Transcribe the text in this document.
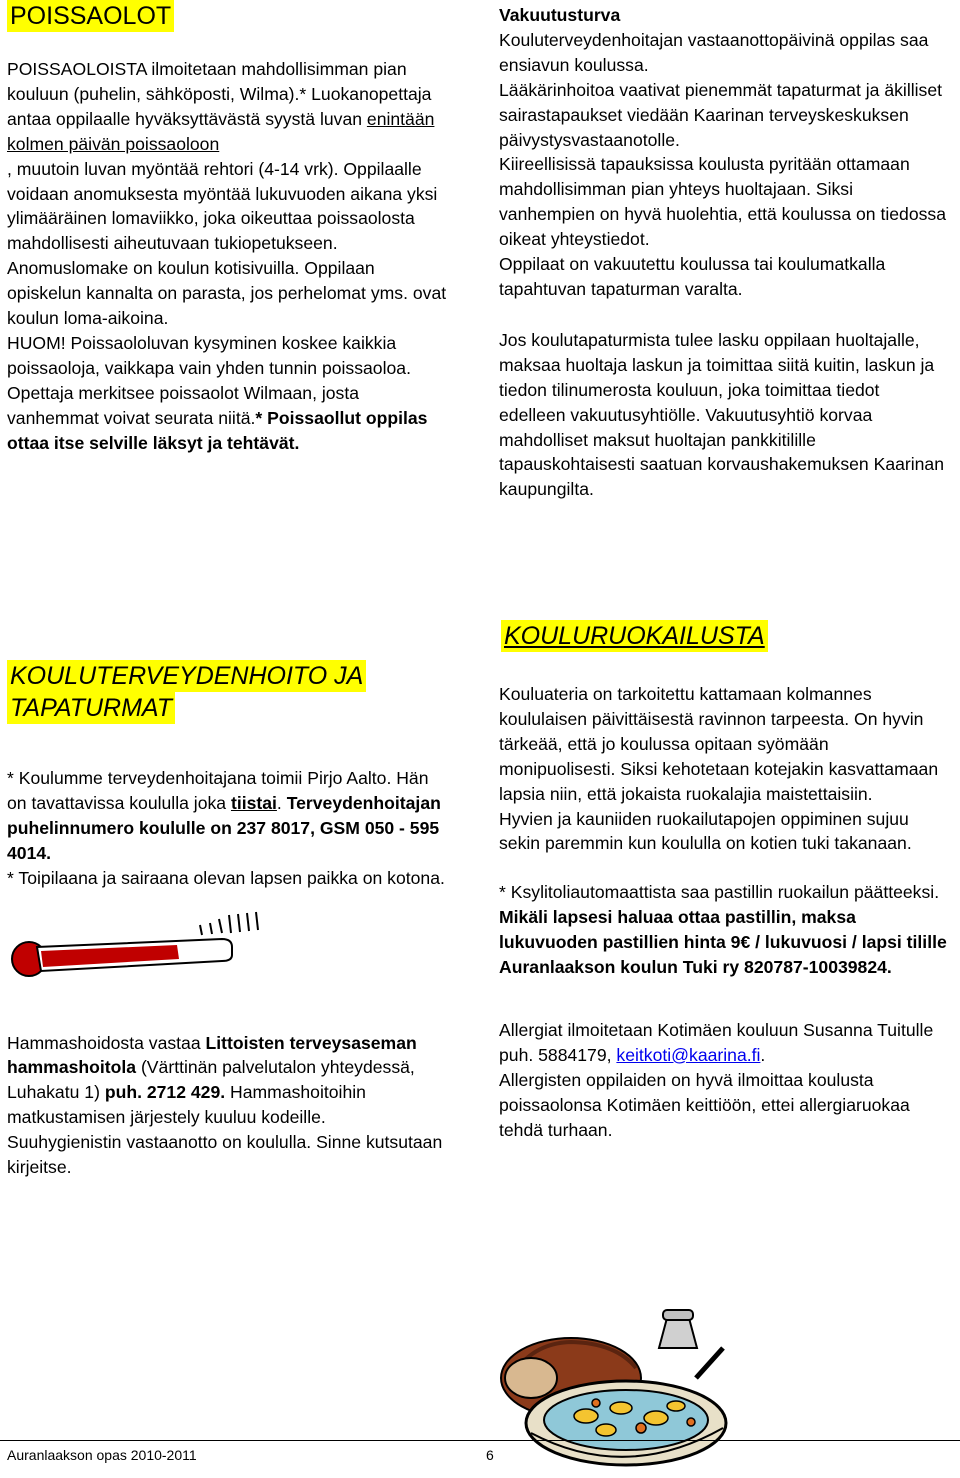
POISSAOLOT

POISSAOLOISTA ilmoitetaan mahdollisimman pian kouluun (puhelin, sähköposti, Wilma).* Luokanopettaja antaa oppilaalle hyväksyttävästä syystä luvan enintään kolmen päivän poissaoloon
, muutoin luvan myöntää rehtori (4-14 vrk). Oppilaalle voidaan anomuksesta myöntää lukuvuoden aikana yksi ylimääräinen lomaviikko, joka oikeuttaa poissaolosta mahdollisesti aiheutuvaan tukiopetukseen. Anomuslomake on koulun kotisivuilla. Oppilaan opiskelun kannalta on parasta, jos perhelomat yms. ovat koulun loma-aikoina.
HUOM! Poissaololuvan kysyminen koskee kaikkia poissaoloja, vaikkapa vain yhden tunnin poissaoloa.
Opettaja merkitsee poissaolot Wilmaan, josta vanhemmat voivat seurata niitä.* Poissaollut oppilas ottaa itse selville läksyt ja tehtävät.

KOULUTERVEYDENHOITO JA
TAPATURMAT

* Koulumme terveydenhoitajana toimii Pirjo Aalto. Hän on tavattavissa koululla joka tiistai. Terveydenhoitajan puhelinnumero koululle on 237 8017, GSM 050 - 595 4014.

* Toipilaana ja sairaana olevan lapsen paikka on kotona.

Hammashoidosta vastaa Littoisten terveysaseman hammashoitola (Värttinän palvelutalon yhteydessä, Luhakatu 1) puh. 2712 429. Hammashoitoihin matkustamisen järjestely kuuluu kodeille.

Suuhygienistin vastaanotto on koululla. Sinne kutsutaan kirjeitse.

Vakuutusturva

Kouluterveydenhoitajan vastaanottopäivinä oppilas saa ensiavun koulussa.
Lääkärinhoitoa vaativat pienemmät tapaturmat ja äkilliset sairastapaukset viedään Kaarinan terveyskeskuksen päivystysvastaanotolle.
Kiireellisissä tapauksissa koulusta pyritään ottamaan mahdollisimman pian yhteys huoltajaan. Siksi vanhempien on hyvä huolehtia, että koulussa on tiedossa oikeat yhteystiedot.
Oppilaat on vakuutettu koulussa tai koulumatkalla tapahtuvan tapaturman varalta.

Jos koulutapaturmista tulee lasku oppilaan huoltajalle, maksaa huoltaja laskun ja toimittaa siitä kuitin, laskun ja tiedon tilinumerosta kouluun, joka toimittaa tiedot edelleen vakuutusyhtiölle. Vakuutusyhtiö korvaa mahdolliset maksut huoltajan pankkitilille tapauskohtaisesti saatuan korvaushakemuksen Kaarinan kaupungilta.

KOULURUOKAILUSTA

Kouluateria on tarkoitettu kattamaan kolmannes koululaisen päivittäisestä ravinnon tarpeesta. On hyvin tärkeää, että jo koulussa opitaan syömään monipuolisesti. Siksi kehotetaan kotejakin kasvattamaan lapsia niin, että jokaista ruokalajia maistettaisiin.

Hyvien ja kauniiden ruokailutapojen oppiminen sujuu sekin paremmin kun koululla on kotien tuki takanaan.

* Ksylitoliautomaattista saa pastillin ruokailun päätteeksi. Mikäli lapsesi haluaa ottaa pastillin, maksa lukuvuoden pastillien hinta 9€ / lukuvuosi / lapsi tilille Auranlaakson koulun Tuki ry 820787-10039824.

Allergiat ilmoitetaan Kotimäen kouluun Susanna Tuitulle puh. 5884179, keitkoti@kaarina.fi.

Allergisten oppilaiden on hyvä ilmoittaa koulusta poissaolonsa Kotimäen keittiöön, ettei allergiaruokaa tehdä turhaan.

Auranlaakson opas 2010-2011	6
